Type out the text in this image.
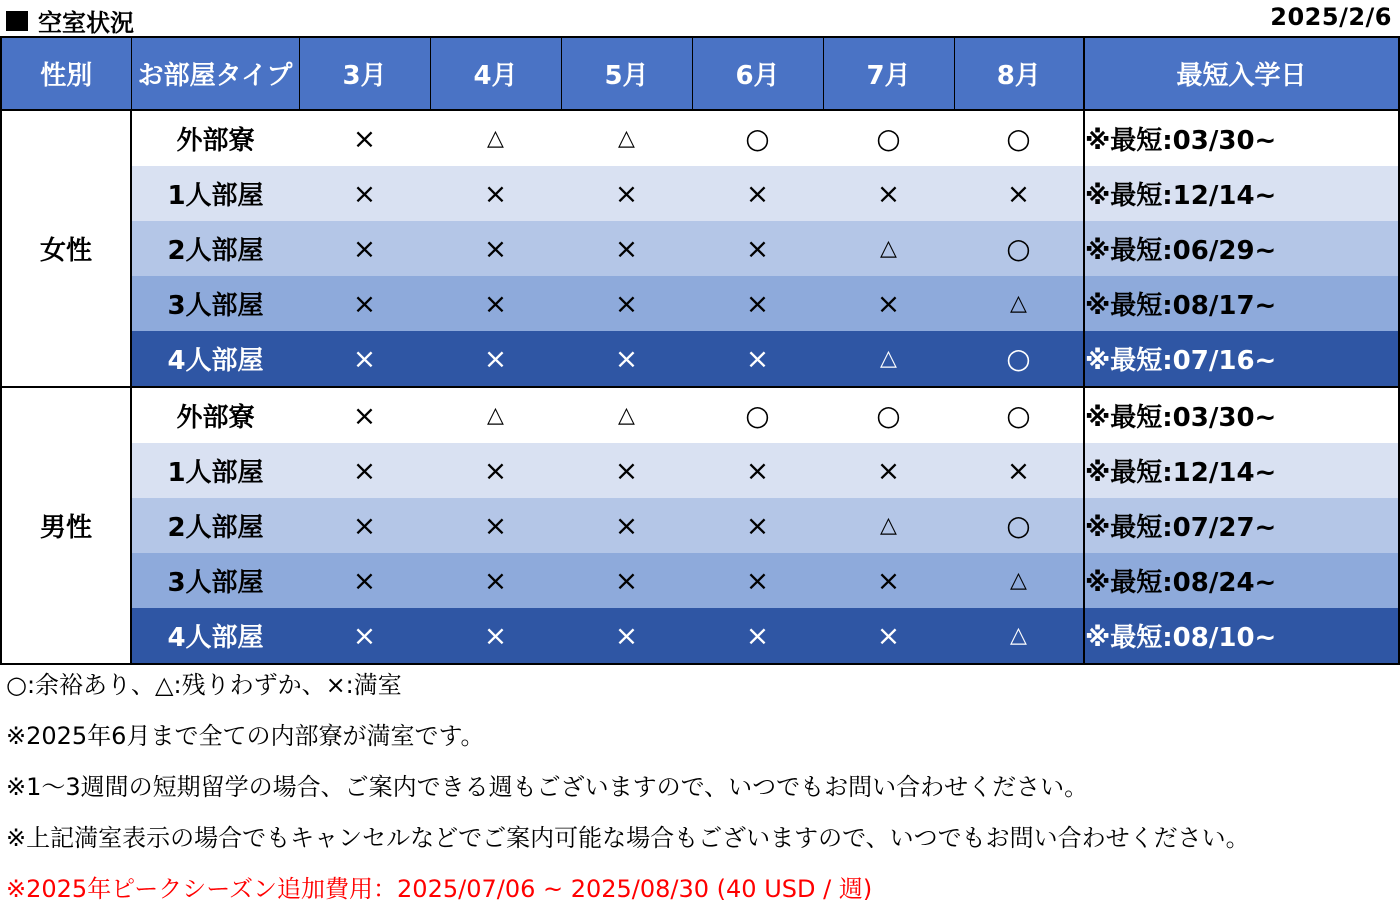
空室状況	2025/2/6
性別	お部屋タイプ	3月	4月	5月	6月	7月	8月	最短入学日
女性	外部寮	×	△	△	○	○	○	※最短:03/30~
	1人部屋	×	×	×	×	×	×	※最短:12/14~
	2人部屋	×	×	×	×	△	○	※最短:06/29~
	3人部屋	×	×	×	×	×	△	※最短:08/17~
	4人部屋	×	×	×	×	△	○	※最短:07/16~
男性	外部寮	×	△	△	○	○	○	※最短:03/30~
	1人部屋	×	×	×	×	×	×	※最短:12/14~
	2人部屋	×	×	×	×	△	○	※最短:07/27~
	3人部屋	×	×	×	×	×	△	※最短:08/24~
	4人部屋	×	×	×	×	×	△	※最短:08/10~
○:余裕あり、△:残りわずか、×:満室
※2025年6月まで全ての内部寮が満室です。
※1～3週間の短期留学の場合、ご案内できる週もございますので、いつでもお問い合わせください。
※上記満室表示の場合でもキャンセルなどでご案内可能な場合もございますので、いつでもお問い合わせください。
※2025年ピークシーズン追加費用：2025/07/06 ~ 2025/08/30 (40 USD / 週)
